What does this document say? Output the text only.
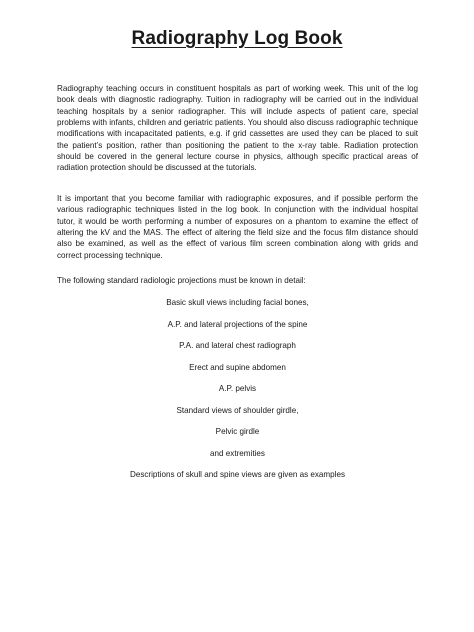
Radiography Log Book

Radiography teaching occurs in constituent hospitals as part of working week. This unit of the log book deals with diagnostic radiography. Tuition in radiography will be carried out in the individual teaching hospitals by a senior radiographer. This will include aspects of patient care, special problems with infants, children and geriatric patients. You should also discuss radiographic technique modifications with incapacitated patients, e.g. if grid cassettes are used they can be placed to suit the patient’s position, rather than positioning the patient to the x-ray table. Radiation protection should be covered in the general lecture course in physics, although specific practical areas of radiation protection should be discussed at the tutorials.

It is important that you become familiar with radiographic exposures, and if possible perform the various radiographic techniques listed in the log book. In conjunction with the individual hospital tutor, it would be worth performing a number of exposures on a phantom to examine the effect of altering the kV and the MAS. The effect of altering the field size and the focus film distance should also be examined, as well as the effect of various film screen combination along with grids and correct processing technique.

The following standard radiologic projections must be known in detail:

Basic skull views including facial bones,
A.P. and lateral projections of the spine
P.A. and lateral chest radiograph
Erect and supine abdomen
A.P. pelvis
Standard views of shoulder girdle,
Pelvic girdle
and extremities
Descriptions of skull and spine views are given as examples
